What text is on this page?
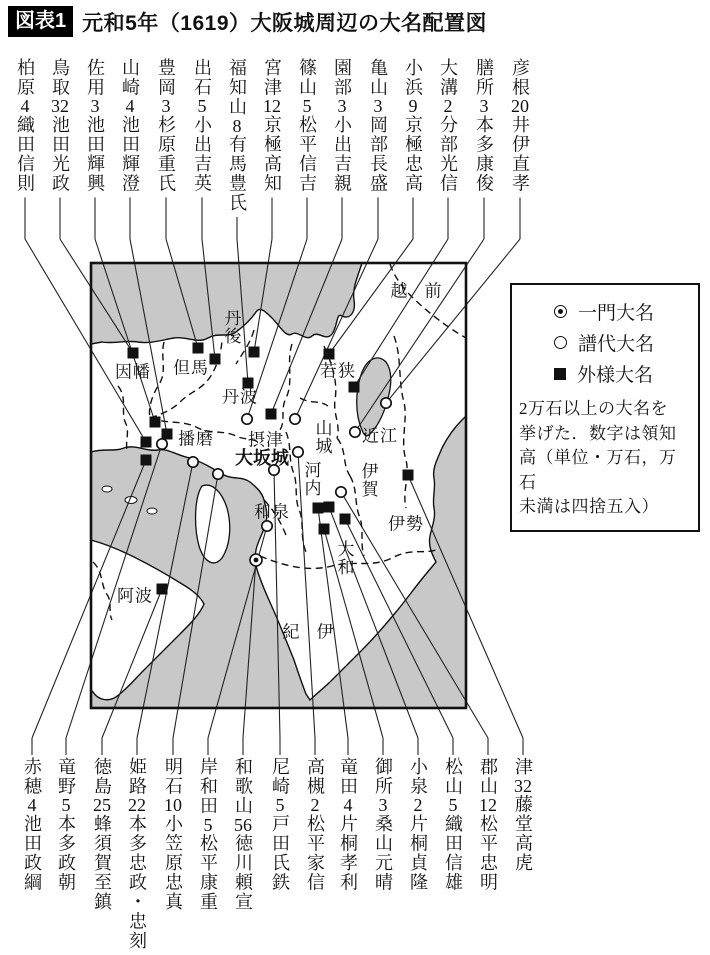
図表1 元和5年（1619）大阪城周辺の大名配置図
越前
丹後
因幡 但馬	若狭
丹波
近江
山城
播磨 摂津
大坂城
河内 伊賀
和泉
伊勢
大和
阿波
紀伊
柏原4織田信則
鳥取32池田光政
佐用3池田輝興
山崎4池田輝澄
豊岡3杉原重氏
出石5小出吉英
福知山8有馬豊氏
宮津12京極高知
篠山5松平信吉
園部3小出吉親
亀山3岡部長盛
小浜9京極忠高
大溝2分部光信
膳所3本多康俊
彦根20井伊直孝
赤穂4池田政綱
竜野5本多政朝
徳島25蜂須賀至鎮
姫路22本多忠政・忠刻
明石10小笠原忠真
岸和田5松平康重
和歌山56徳川頼宣
尼崎5戸田氏鉄
高槻2松平家信
竜田4片桐孝利
御所3桑山元晴
小泉2片桐貞隆
松山5織田信雄
郡山12松平忠明
津32藤堂高虎
一門大名
譜代大名
外様大名
2万石以上の大名を
挙げた．数字は領知
高（単位・万石，万石
未満は四捨五入）
